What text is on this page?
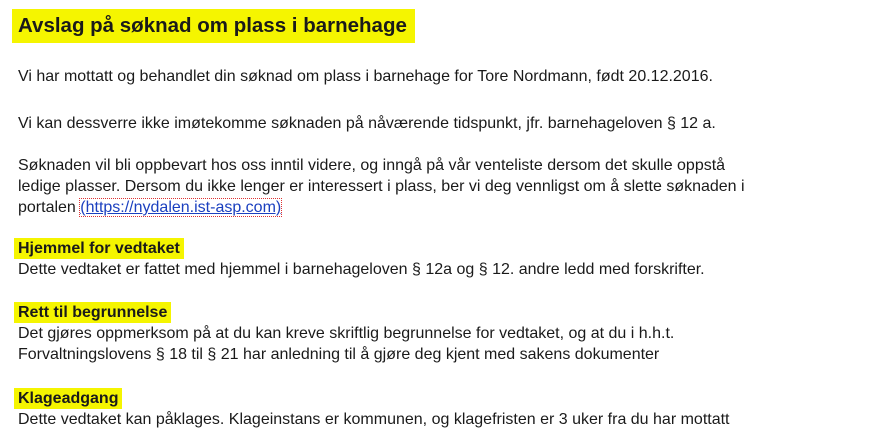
Avslag på søknad om plass i barnehage
Vi har mottatt og behandlet din søknad om plass i barnehage for Tore Nordmann, født 20.12.2016.
Vi kan dessverre ikke imøtekomme søknaden på nåværende tidspunkt, jfr. barnehageloven § 12 a.
Søknaden vil bli oppbevart hos oss inntil videre, og inngå på vår venteliste dersom det skulle oppstå
ledige plasser. Dersom du ikke lenger er interessert i plass, ber vi deg vennligst om å slette søknaden i
portalen (https://nydalen.ist-asp.com)
Hjemmel for vedtaket
Dette vedtaket er fattet med hjemmel i barnehageloven § 12a og § 12. andre ledd med forskrifter.
Rett til begrunnelse
Det gjøres oppmerksom på at du kan kreve skriftlig begrunnelse for vedtaket, og at du i h.h.t.
Forvaltningslovens § 18 til § 21 har anledning til å gjøre deg kjent med sakens dokumenter
Klageadgang
Dette vedtaket kan påklages. Klageinstans er kommunen, og klagefristen er 3 uker fra du har mottatt
